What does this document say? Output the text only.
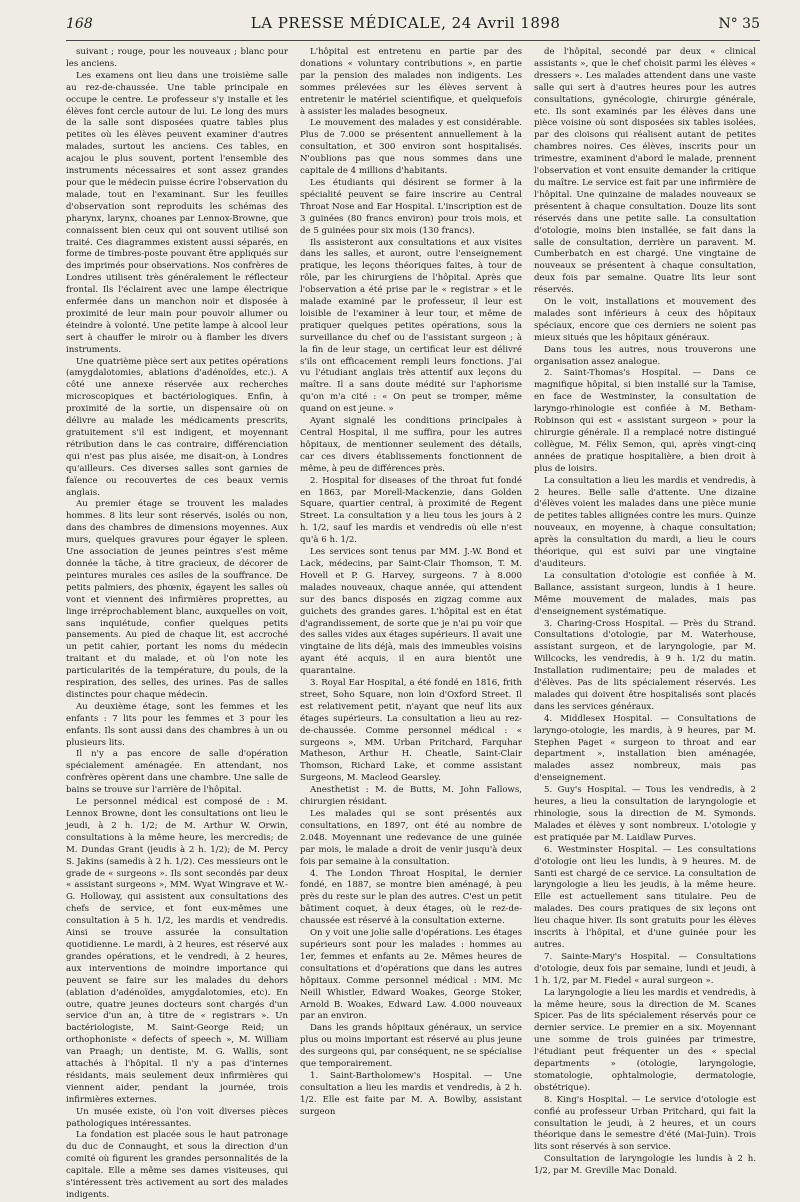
168	LA PRESSE MÉDICALE, 24 Avril 1898	N° 35

suivant ; rouge, pour les nouveaux ; blanc pour les anciens.

Les examens ont lieu dans une troisième salle au rez-de-chaussée. Une table principale en occupe le centre. Le professeur s'y installe et les élèves font cercle autour de lui. Le long des murs de la salle sont disposées quatre tables plus petites où les élèves peuvent examiner d'autres malades, surtout les anciens. Ces tables, en acajou le plus souvent, portent l'ensemble des instruments nécessaires et sont assez grandes pour que le médecin puisse écrire l'observation du malade, tout en l'examinant. Sur les feuilles d'observation sont reproduits les schémas des pharynx, larynx, choanes par Lennox-Browne, que connaissent bien ceux qui ont souvent utilisé son traité. Ces diagrammes existent aussi séparés, en forme de timbres-poste pouvant être appliqués sur des imprimés pour observations. Nos confrères de Londres utilisent très généralement le réflecteur frontal. Ils l'éclairent avec une lampe électrique enfermée dans un manchon noir et disposée à proximité de leur main pour pouvoir allumer ou éteindre à volonté. Une petite lampe à alcool leur sert à chauffer le miroir ou à flamber les divers instruments.

Une quatrième pièce sert aux petites opérations (amygdalotomies, ablations d'adénoïdes, etc.). A côté une annexe réservée aux recherches microscopiques et bactériologiques. Enfin, à proximité de la sortie, un dispensaire où on délivre au malade les médicaments prescrits, gratuitement s'il est indigent, et moyennant rétribution dans le cas contraire, différenciation qui n'est pas plus aisée, me disait-on, à Londres qu'ailleurs. Ces diverses salles sont garnies de faïence ou recouvertes de ces beaux vernis anglais.

Au premier étage se trouvent les malades hommes. 8 lits leur sont réservés, isolés ou non, dans des chambres de dimensions moyennes. Aux murs, quelques gravures pour égayer le spleen. Une association de jeunes peintres s'est même donnée la tâche, à titre gracieux, de décorer de peintures murales ces asiles de la souffrance. De petits palmiers, des phœnix, égayent les salles où vont et viennent des infirmières proprettes, au linge irréprochablement blanc, auxquelles on voit, sans inquiétude, confier quelques petits pansements. Au pied de chaque lit, est accroché un petit cahier, portant les noms du médecin traitant et du malade, et où l'on note les particularités de la température, du pouls, de la respiration, des selles, des urines. Pas de salles distinctes pour chaque médecin.

Au deuxième étage, sont les femmes et les enfants : 7 lits pour les femmes et 3 pour les enfants. Ils sont aussi dans des chambres à un ou plusieurs lits.

Il n'y a pas encore de salle d'opération spécialement aménagée. En attendant, nos confrères opèrent dans une chambre. Une salle de bains se trouve sur l'arrière de l'hôpital.

Le personnel médical est composé de : M. Lennox Browne, dont les consultations ont lieu le jeudi, à 2 h. 1/2; de M. Arthur W. Orwin, consultations à la même heure, les mercredis; de M. Dundas Grant (jeudis à 2 h. 1/2); de M. Percy S. Jakins (samedis à 2 h. 1/2). Ces messieurs ont le grade de « surgeons ». Ils sont secondés par deux « assistant surgeons », MM. Wyat Wingrave et W.-G. Holloway, qui assistent aux consultations des chefs de service, et font eux-mêmes une consultation à 5 h. 1/2, les mardis et vendredis. Ainsi se trouve assurée la consultation quotidienne. Le mardi, à 2 heures, est réservé aux grandes opérations, et le vendredi, à 2 heures, aux interventions de moindre importance qui peuvent se faire sur les malades du dehors (ablation d'adénoïdes, amygdalotomies, etc). En outre, quatre jeunes docteurs sont chargés d'un service d'un an, à titre de « registrars ». Un bactériologiste, M. Saint-George Reid; un orthophoniste « defects of speech », M. William van Praagh; un dentiste, M. G. Wallis, sont attachés à l'hôpital. Il n'y a pas d'internes résidants, mais seulement deux infirmières qui viennent aider, pendant la journée, trois infirmières externes.

Un musée existe, où l'on voit diverses pièces pathologiques intéressantes.

La fondation est placée sous le haut patronage du duc de Connaught, et sous la direction d'un comité où figurent les grandes personnalités de la capitale. Elle a même ses dames visiteuses, qui s'intéressent très activement au sort des malades indigents.

L'hôpital est entretenu en partie par des donations « voluntary contributions », en partie par la pension des malades non indigents. Les sommes prélevées sur les élèves servent à entretenir le matériel scientifique, et quelquefois à assister les malades besogneux.

Le mouvement des malades y est considérable. Plus de 7.000 se présentent annuellement à la consultation, et 300 environ sont hospitalisés. N'oublions pas que nous sommes dans une capitale de 4 millions d'habitants.

Les étudiants qui désirent se former à la spécialité peuvent se faire inscrire au Central Throat Nose and Ear Hospital. L'inscription est de 3 guinées (80 francs environ) pour trois mois, et de 5 guinées pour six mois (130 francs).

Ils assisteront aux consultations et aux visites dans les salles, et auront, outre l'enseignement pratique, les leçons théoriques faites, à tour de rôle, par les chirurgiens de l'hôpital. Après que l'observation a été prise par le « registrar » et le malade examiné par le professeur, il leur est loisible de l'examiner à leur tour, et même de pratiquer quelques petites opérations, sous la surveillance du chef ou de l'assistant surgeon ; à la fin de leur stage, un certificat leur est délivré s'ils ont efficacement rempli leurs fonctions. J'ai vu l'étudiant anglais très attentif aux leçons du maître. Il a sans doute médité sur l'aphorisme qu'on m'a cité : « On peut se tromper, même quand on est jeune. »

Ayant signalé les conditions principales à Central Hospital, il me suffira, pour les autres hôpitaux, de mentionner seulement des détails, car ces divers établissements fonctionnent de même, à peu de différences près.

2. Hospital for diseases of the throat fut fondé en 1863, par Morell-Mackenzie, dans Golden Square, quartier central, à proximité de Regent Street. La consultation y a lieu tous les jours à 2 h. 1/2, sauf les mardis et vendredis où elle n'est qu'à 6 h. 1/2.

Les services sont tenus par MM. J.-W. Bond et Lack, médecins, par Saint-Clair Thomson, T. M. Hovell et P. G. Harvey, surgeons. 7 à 8.000 malades nouveaux, chaque année, qui attendent sur des bancs disposés en zigzag comme aux guichets des grandes gares. L'hôpital est en état d'agrandissement, de sorte que je n'ai pu voir que des salles vides aux étages supérieurs. Il avait une vingtaine de lits déjà, mais des immeubles voisins ayant été acquis, il en aura bientôt une quarantaine.

3. Royal Ear Hospital, a été fondé en 1816, frith street, Soho Square, non loin d'Oxford Street. Il est relativement petit, n'ayant que neuf lits aux étages supérieurs. La consultation a lieu au rez-de-chaussée. Comme personnel médical : « surgeons », MM. Urban Pritchard, Farquhar Matheson, Arthur H. Cheatle, Saint-Clair Thomson, Richard Lake, et comme assistant Surgeons, M. Macleod Gearsley.

Anesthetist : M. de Butts, M. John Fallows, chirurgien résidant.

Les malades qui se sont présentés aux consultations, en 1897, ont été au nombre de 2.048. Moyennant une redevance de une guinée par mois, le malade a droit de venir jusqu'à deux fois par semaine à la consultation.

4. The London Throat Hospital, le dernier fondé, en 1887, se montre bien aménagé, à peu près du reste sur le plan des autres. C'est un petit bâtiment coquet, à deux étages, où le rez-de-chaussée est réservé à la consultation externe.

On y voit une jolie salle d'opérations. Les étages supérieurs sont pour les malades : hommes au 1er, femmes et enfants au 2e. Mêmes heures de consultations et d'opérations que dans les autres hôpitaux. Comme personnel médical : MM. Mc Neill Whistler, Edward Woakes, George Stoker, Arnold B. Woakes, Edward Law. 4.000 nouveaux par an environ.

Dans les grands hôpitaux généraux, un service plus ou moins important est réservé au plus jeune des surgeons qui, par conséquent, ne se spécialise que temporairement.

1. Saint-Bartholomew's Hospital. — Une consultation a lieu les mardis et vendredis, à 2 h. 1/2. Elle est faite par M. A. Bowlby, assistant surgeon

de l'hôpital, secondé par deux « clinical assistants », que le chef choisit parmi les élèves « dressers ». Les malades attendent dans une vaste salle qui sert à d'autres heures pour les autres consultations, gynécologie, chirurgie générale, etc. Ils sont examinés par les élèves dans une pièce voisine où sont disposées six tables isolées, par des cloisons qui réalisent autant de petites chambres noires. Ces élèves, inscrits pour un trimestre, examinent d'abord le malade, prennent l'observation et vont ensuite demander la critique du maître. Le service est fait par une infirmière de l'hôpital. Une quinzaine de malades nouveaux se présentent à chaque consultation. Douze lits sont réservés dans une petite salle. La consultation d'otologie, moins bien installée, se fait dans la salle de consultation, derrière un paravent. M. Cumberbatch en est chargé. Une vingtaine de nouveaux se présentent à chaque consultation, deux fois par semaine. Quatre lits leur sont réservés.

On le voit, installations et mouvement des malades sont inférieurs à ceux des hôpitaux spéciaux, encore que ces derniers ne soient pas mieux situés que les hôpitaux généraux.

Dans tous les autres, nous trouverons une organisation assez analogue.

2. Saint-Thomas's Hospital. — Dans ce magnifique hôpital, si bien installé sur la Tamise, en face de Westminster, la consultation de laryngo-rhinologie est confiée à M. Betham-Robinson qui est « assistant surgeon » pour la chirurgie générale. Il a remplacé notre distingué collègue, M. Félix Semon, qui, après vingt-cinq années de pratique hospitalière, a bien droit à plus de loisirs.

La consultation a lieu les mardis et vendredis, à 2 heures. Belle salle d'attente. Une dizaine d'élèves voient les malades dans une pièce munie de petites tables allignées contre les murs. Quinze nouveaux, en moyenne, à chaque consultation; après la consultation du mardi, a lieu le cours théorique, qui est suivi par une vingtaine d'auditeurs.

La consultation d'otologie est confiée à M. Ballance, assistant surgeon, lundis à 1 heure. Même mouvement de malades, mais pas d'enseignement systématique.

3. Charing-Cross Hospital. — Près du Strand. Consultations d'otologie, par M. Waterhouse, assistant surgeon, et de laryngologie, par M. Willcocks, les vendredis, à 9 h. 1/2 du matin. Installation rudimentaire; peu de malades et d'élèves. Pas de lits spécialement réservés. Les malades qui doivent être hospitalisés sont placés dans les services généraux.

4. Middlesex Hospital. — Consultations de laryngo-otologie, les mardis, à 9 heures, par M. Stephen Paget « surgeon to throat and ear department », installation bien aménagée, malades assez nombreux, mais pas d'enseignement.

5. Guy's Hospital. — Tous les vendredis, à 2 heures, a lieu la consultation de laryngologie et rhinologie, sous la direction de M. Symonds. Malades et élèves y sont nombreux. L'otologie y est pratiquée par M. Laidlaw Purves.

6. Westminster Hospital. — Les consultations d'otologie ont lieu les lundis, à 9 heures. M. de Santi est chargé de ce service. La consultation de laryngologie a lieu les jeudis, à la même heure. Elle est actuellement sans titulaire. Peu de malades. Des cours pratiques de six leçons ont lieu chaque hiver. Ils sont gratuits pour les élèves inscrits à l'hôpital, et d'une guinée pour les autres.

7. Sainte-Mary's Hospital. — Consultations d'otologie, deux fois par semaine, lundi et jeudi, à 1 h. 1/2, par M. Fiedel « aural surgeon ».

La laryngologie a lieu les mardis et vendredis, à la même heure, sous la direction de M. Scanes Spicer. Pas de lits spécialement réservés pour ce dernier service. Le premier en a six. Moyennant une somme de trois guinées par trimestre, l'étudiant peut fréquenter un des « special departments » (otologie, laryngologie, stomatologie, ophtalmologie, dermatologie, obstétrique).

8. King's Hospital. — Le service d'otologie est confié au professeur Urban Pritchard, qui fait la consultation le jeudi, à 2 heures, et un cours théorique dans le semestre d'été (Mai-Juin). Trois lits sont réservés à son service.

Consultation de laryngologie les lundis à 2 h. 1/2, par M. Greville Mac Donald.
